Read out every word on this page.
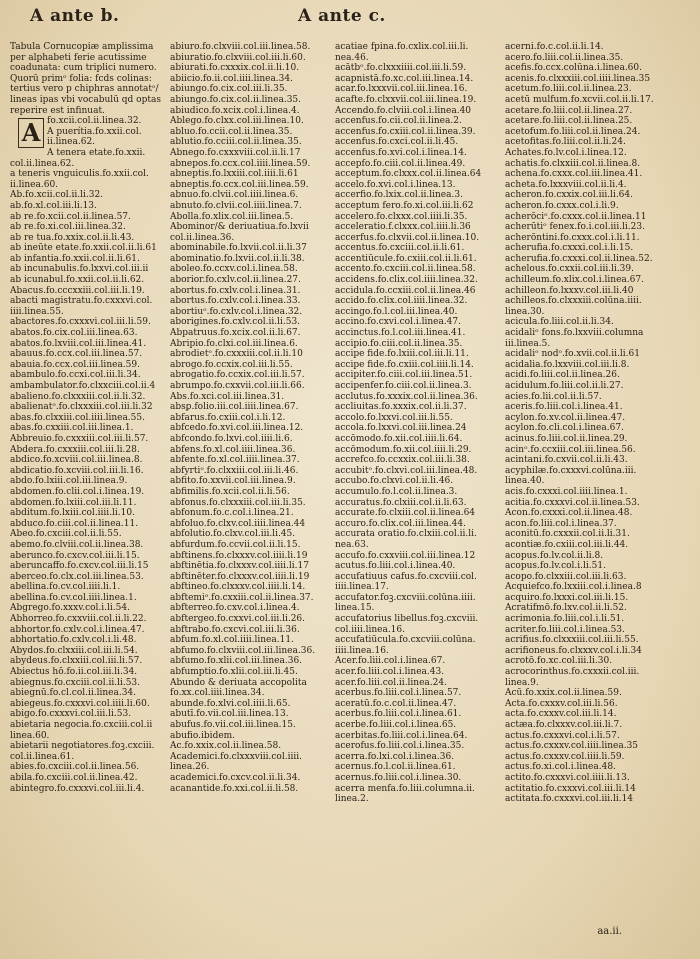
A ante b.	A ante c.
Tabula Cornucopiæ amplissima per alphabeti ferie acutissime coadunata: cum triplici numero. Quorū primᵒ folia: fcds colinas: tertius vero p chiphras annotatᵒ/ lineas ipas vbi vocabulū qd optas reperire est infinuat.
A fo.xcii.col.ii.linea.32.
A puerítia.fo.xxii.col.
ii.linea.62.
A tenera etate.fo.xxii.
col.ii.linea.62.
a teneris vnguiculis.fo.xxii.col.
ii.linea.60.
Ab.fo.xcii.col.ii.li.32.
ab.fo.xl.col.iii.li.13.
ab re.fo.xcii.col.ii.linea.57.
ab re.fo.xi.col.iii.linea.32.
ab re tua.fo.xxix.col.ii.li.43.
ab ineūte etate.fo.xxii.col.ii.li.61
ab infantia.fo.xxii.col.ii.li.61.
ab incunabulis.fo.lxxvi.col.iii.ii
ab icunabul.fo.xxii.col.ii.li.62.
Abacus.fo.cccxxiii.col.iii.li.19.
abacti magistratu.fo.cxxxvi.col.
iiii.linea.55.
abactores.fo.cxxxvi.col.iii.li.59.
abatos.fo.cix.col.iii.linea.63.
abatos.fo.lxviii.col.iii.linea.41.
abauus.fo.ccx.col.iii.linea.57.
abauia.fo.ccx.col.iii.linea.59.
abambulo.fo.ccxi.col.iii.li.34.
ambambulator.fo.clxxciii.col.ii.4
abalieno.fo.clxxxiii.col.ii.li.32.
abalienatᵒ.fo.clxxxiii.col.iii.li.32
abas.fo.clxxiii.col.iiii.linea.55.
abas.fo.cxxiii.col.iii.linea.1.
Abbreuio.fo.cxxxiii.col.iii.li.57.
Abdera.fo.cxxxiii.col.iii.li.28.
abdico.fo.xcviii.col.iii.linea.8.
abdicatio.fo.xcviii.col.iii.li.16.
abdo.fo.lxiii.col.iii.linea.9.
abdomen.fo.clii.col.i.linea.19.
abdomen.fo.lxiii.col.iii.li.11.
abditum.fo.lxiii.col.iiii.li.10.
abduco.fo.ciii.col.ii.linea.11.
Abeo.fo.cxciii.col.ii.li.55.
abemo.fo.clviii.col.ii.linea.38.
aberunco.fo.cxcv.col.iii.li.15.
aberuncaffo.fo.cxcv.col.iii.li.15
aberceo.fo.clx.col.iii.linea.53.
abellina.fo.cv.col.iiii.li.1.
abellina.fo.cv.col.iiii.linea.1.
Abgrego.fo.xxxv.col.i.li.54.
Abhorreo.fo.cxxviii.col.ii.li.22.
abhortor.fo.cxlv.col.i.linea.47.
abhortatio.fo.cxlv.col.i.li.48.
Abydos.fo.clxxiii.col.iii.li.54.
abydeus.fo.clxxiii.col.iii.li.57.
Abiectus hō.fo.ii.col.iii.li.34.
abiegnus.fo.cxciii.col.ii.li.53.
abiegnū.fo.cl.col.ii.linea.34.
abiegeus.fo.cxxxvi.col.iiii.li.60.
abigo.fo.cxxxvi.col.iii.li.53.
abietaria negocia.fo.cxciii.col.ii
linea.60.
abietarii negotiatores.foꝫ.cxciii.
col.ii.linea.61.
abies.fo.cxciii.col.ii.linea.56.
abila.fo.cxciii.col.ii.linea.42.
abintegro.fo.cxxxvi.col.iii.li.4.
abiuro.fo.clxviii.col.iii.linea.58.
abiuratio.fo.clxviii.col.iii.li.60.
abiurati.fo.cxxxix.col.ii.li.10.
abiicio.fo.ii.col.iiii.linea.34.
abiungo.fo.cix.col.iii.li.35.
abiungo.fo.cix.col.ii.linea.35.
abiudico.fo.xcix.col.i.linea.4.
Ablego.fo.clxx.col.iii.linea.10.
abluo.fo.ccii.col.ii.linea.35.
ablutio.fo.cciii.col.ii.linea.35.
Abnego.fo.cxxxviii.col.ii.li.17
abnepos.fo.ccx.col.iiii.linea.59.
abneptis.fo.lxxiii.col.iiii.li.61
abneptis.fo.ccx.col.iii.linea.59.
abnuo.fo.clvii.col.iiii.linea.6.
abnuto.fo.clvii.col.iiii.linea.7.
Abolla.fo.xlix.col.iii.linea.5.
Abominor/& deriuatiua.fo.lxvii
col.ii.linea.36.
abominabile.fo.lxvii.col.ii.li.37
abominatio.fo.lxvii.col.ii.li.38.
aboleo.fo.ccxv.col.i.linea.58.
aborior.fo.cxlv.col.ii.linea.27.
abortus.fo.cxlv.col.i.linea.31.
abortus.fo.cxlv.col.i.linea.33.
abortiuᵒ.fo.cxlv.col.i.linea.32.
aborigines.fo.cxlv.col.ii.li.53.
Abpatruus.fo.xcix.col.ii.li.67.
Abripio.fo.clxi.col.iii.linea.6.
abrodietᵒ.fo.cxxxiii.col.ii.li.10
abrogo.fo.ccxix.col.iii.li.55.
abrogatio.fo.ccxix.col.iii.li.57.
abrumpo.fo.cxxvii.col.iii.li.66.
Abs.fo.xci.col.iii.linea.31.
absꝑ.folio.iii.col.iiii.linea.67.
abfarus.fo.cxiii.col.i.li.12.
abfcedo.fo.xvi.col.iii.linea.12.
abfcondo.fo.lxvi.col.iiii.li.6.
abfens.fo.xl.col.iiii.linea.36.
abfente.fo.xl.col.iiii.linea.37.
abfyrtiᵒ.fo.clxxiii.col.iii.li.46.
abfito.fo.xxvii.col.iii.linea.9.
abfimilis.fo.xcii.col.ii.li.56.
abfonus.fo.clxxxiii.col.iii.li.35.
abfonum.fo.c.col.i.linea.21.
abfoluo.fo.clxv.col.iiii.linea.44
abfolutio.fo.clxv.col.iii.li.45.
abfurdum.fo.ccvii.col.ii.li.15.
abftinens.fo.clxxxv.col.iiii.li.19
abftinētia.fo.clxxxv.col.iiii.li.17
abftinēter.fo.clxxxv.col.iiii.li.19
abftineo.fo.clxxxv.col.iiii.li.14.
abftemiᵒ.fo.cxxiii.col.ii.linea.37.
abfterreo.fo.cxv.col.i.linea.4.
abftergeo.fo.cxxvi.col.iii.li.26.
abftrabo.fo.cxcvi.col.iii.li.36.
abfum.fo.xl.col.iiii.linea.11.
abfumo.fo.clxviii.col.iii.linea.36.
abfumo.fo.xlii.col.iii.linea.36.
abfumptio.fo.xlii.col.iii.li.45.
Abundo & deriuata accopolita
fo.xx.col.iiii.linea.34.
abunde.fo.xlvi.col.iiii.li.65.
abutī.fo.vii.col.iii.linea.13.
abufus.fo.vii.col.iii.linea.15.
abufio.ibidem.
Ac.fo.xxix.col.ii.linea.58.
Academici.fo.clxxxviii.col.iiii.
linea.26.
academici.fo.cxcv.col.ii.li.34.
acanantide.fo.xxi.col.ii.li.58.
acatiae fpina.fo.cxlix.col.iii.li.
nea.46.
acātbᵒ.fo.clxxxiiii.col.iii.li.59.
acapnistā.fo.xc.col.iii.linea.14.
acar.fo.lxxxvii.col.iii.linea.16.
acafte.fo.clxxvii.col.iii.linea.19.
Accendo.fo.clviii.col.i.linea.40
accenfus.fo.cii.col.ii.linea.2.
accenfus.fo.cxiii.col.ii.linea.39.
accenfus.fo.cxci.col.ii.li.45.
accenfus.fo.xvi.col.i.linea.14.
accepfo.fo.ciii.col.ii.linea.49.
acceptum.fo.clxxx.col.ii.linea.64
accelo.fo.xvi.col.i.linea.13.
accerfio.fo.lxix.col.ii.linea.3.
acceptum fero.fo.xi.col.iii.li.62
accelero.fo.clxxx.col.iiii.li.35.
acceleratio.f.clxxx.col.iiii.li.36
accerfus.fo.clxvii.col.ii.linea.10.
accentus.fo.cxciii.col.ii.li.61.
accentiūcule.fo.cxiii.col.ii.li.61.
accento.fo.cxciii.col.ii.linea.58.
accidens.fo.clix.col.iiii.linea.32.
accidula.fo.ccxiii.col.ii.linea.46
accido.fo.clix.col.iiii.linea.32.
accingo.fo.l.col.iii.linea.40.
accino.fo.cxvi.col.i.linea.47.
accinctus.fo.l.col.iii.linea.41.
accipio.fo.ciii.col.ii.linea.35.
accipe fide.fo.lxiii.col.iii.li.11.
accipe fide.fo.cxiii.col.iiii.li.14.
accipiter.fo.ciii.col.iii.linea.51.
accipenfer.fo.ciii.col.ii.linea.3.
acclutus.fo.xxxix.col.ii.linea.36.
accliuitas.fo.xxxix.col.ii.li.37.
accolo.fo.lxxvi.col.iii.li.55.
accola.fo.lxxvi.col.iii.linea.24
accōmodo.fo.xii.col.iiii.li.64.
accōmodum.fo.xii.col.iiii.li.29.
accrefco.fo.ccxxix.col.iii.li.38.
accubitᵒ.fo.clxvi.col.iii.linea.48.
accubo.fo.clxvi.col.ii.li.46.
accumulo.fo.l.col.ii.linea.3.
accuratus.fo.clxiii.col.ii.li.63.
accurate.fo.clxiii.col.ii.linea.64
accuro.fo.clix.col.iii.linea.44.
accurata oratio.fo.clxiii.col.ii.li.
nea.63.
accufo.fo.cxxviii.col.iii.linea.12
acutus.fo.liii.col.i.linea.40.
accufatiuus cafus.fo.cxcviii.col.
iiii.linea.17.
accufator.foꝫ.cxcviii.colūna.iiii.
linea.15.
accufatorius libellus.foꝫ.cxcviii.
col.iiii.linea.16.
accufatiūcula.fo.cxcviii.colūna.
iiii.linea.16.
Acer.fo.liii.col.i.linea.67.
acer.fo.liii.col.i.linea.43.
acer.fo.liii.col.ii.linea.24.
acerbus.fo.liii.col.i.linea.57.
aceratū.fo.c.col.ii.linea.47.
acerbus.fo.liii.col.i.linea.61.
acerbe.fo.liii.col.i.linea.65.
acerbitas.fo.liii.col.i.linea.64.
acerofus.fo.liii.col.i.linea.35.
acerra.fo.lxi.col.i.linea.36.
acernus.fo.l.col.ii.linea.61.
acernus.fo.liii.col.i.linea.30.
acerra menfa.fo.liii.columna.ii.
linea.2.
acerni.fo.c.col.ii.li.14.
acero.fo.liii.col.ii.linea.35.
acefis.fo.ccx.colūna.i.linea.60.
acenis.fo.clxxxiii.col.iiii.linea.35
acetum.fo.liii.col.ii.linea.23.
acetū mulfum.fo.xcvii.col.ii.li.17.
acetare.fo.liii.col.ii.linea.27.
acetare.fo.liii.col.ii.linea.25.
acetofum.fo.liii.col.ii.linea.24.
acetofitas.fo.liii.col.ii.li.24.
Achates.fo.lv.col.i.linea.12.
achatis.fo.clxxiii.col.ii.linea.8.
achena.fo.cxxx.col.iii.linea.41.
acheta.fo.lxxxviii.col.ii.li.4.
acheron.fo.cxxix.col.iii.li.64.
acheron.fo.cxxx.col.i.li.9.
acherōciᵒ.fo.cxxx.col.ii.linea.11
acherūtiᵒ fenex.fo.i.col.iii.li.23.
acherōntini.fo.cxxx.col.i.li.11.
acherufia.fo.cxxxi.col.i.li.15.
acherufia.fo.cxxxi.col.ii.linea.52.
achelous.fo.cxxii.col.iii.li.39.
achilleum.fo.xlix.col.i.linea.67.
achilleon.fo.lxxxv.col.iii.li.40
achilleos.fo.clxxxiii.colūna.iiii.
linea.30.
acicula.fo.liii.col.ii.li.34.
acidaliᵒ fons.fo.lxxviii.columna
iii.linea.5.
acidaliᵒ nodᵒ.fo.xvii.col.ii.li.61
acidalia.fo.lxxviii.col.iii.li.8.
acidi.fo.liii.col.ii.linea.26.
acidulum.fo.liii.col.ii.li.27.
acies.fo.lii.col.ii.li.57.
aceris.fo.liii.col.i.linea.41.
acylon.fo.xv.col.ii.linea.47.
acylon.fo.cli.col.i.linea.67.
acinus.fo.liii.col.ii.linea.29.
acinᵒ.fo.ccxiii.col.iii.linea.56.
acintani.fo.cxvii.col.ii.li.43.
acyphilæ.fo.cxxxvi.colūna.iii.
linea.40.
acis.fo.cxxxi.col.iiii.linea.1.
acitia.fo.cxxxvi.col.ii.linea.53.
Acon.fo.cxxxi.col.ii.linea.48.
acon.fo.liii.col.i.linea.37.
aconitū.fo.cxxxii.col.ii.li.31.
acontiæ.fo.cxiii.col.iii.li.44.
acopus.fo.lv.col.ii.li.8.
acopus.fo.lv.col.i.li.51.
acopo.fo.clxxiii.col.iii.li.63.
Acquiefco.fo.lxxiii.col.i.linea.8
acquiro.fo.lxxxi.col.iii.li.15.
Acratifmō.fo.lxv.col.ii.li.52.
acrimonia.fo.liii.col.i.li.51.
acriter.fo.liii.col.i.linea.53.
acrifius.fo.clxxxiii.col.iii.li.55.
acrifioneus.fo.clxxxv.col.i.li.34
acrotō.fo.xc.col.iii.li.30.
acrocorinthus.fo.cxxxii.col.iii.
linea.9.
Acū.fo.xxix.col.ii.linea.59.
Acta.fo.cxxxv.col.iii.li.56.
acta.fo.cxxxv.col.iii.li.14.
actæa.fo.clxxxv.col.iii.li.7.
actus.fo.cxxxvi.col.i.li.57.
actus.fo.cxxxv.col.iiii.linea.35
actus.fo.cxxxv.col.iiii.li.59.
actus.fo.xi.col.i.linea.48.
actito.fo.cxxxvi.col.iiii.li.13.
actitatio.fo.cxxxvi.col.iii.li.14
actitata.fo.cxxxvi.col.iii.li.14
aa.ii.
